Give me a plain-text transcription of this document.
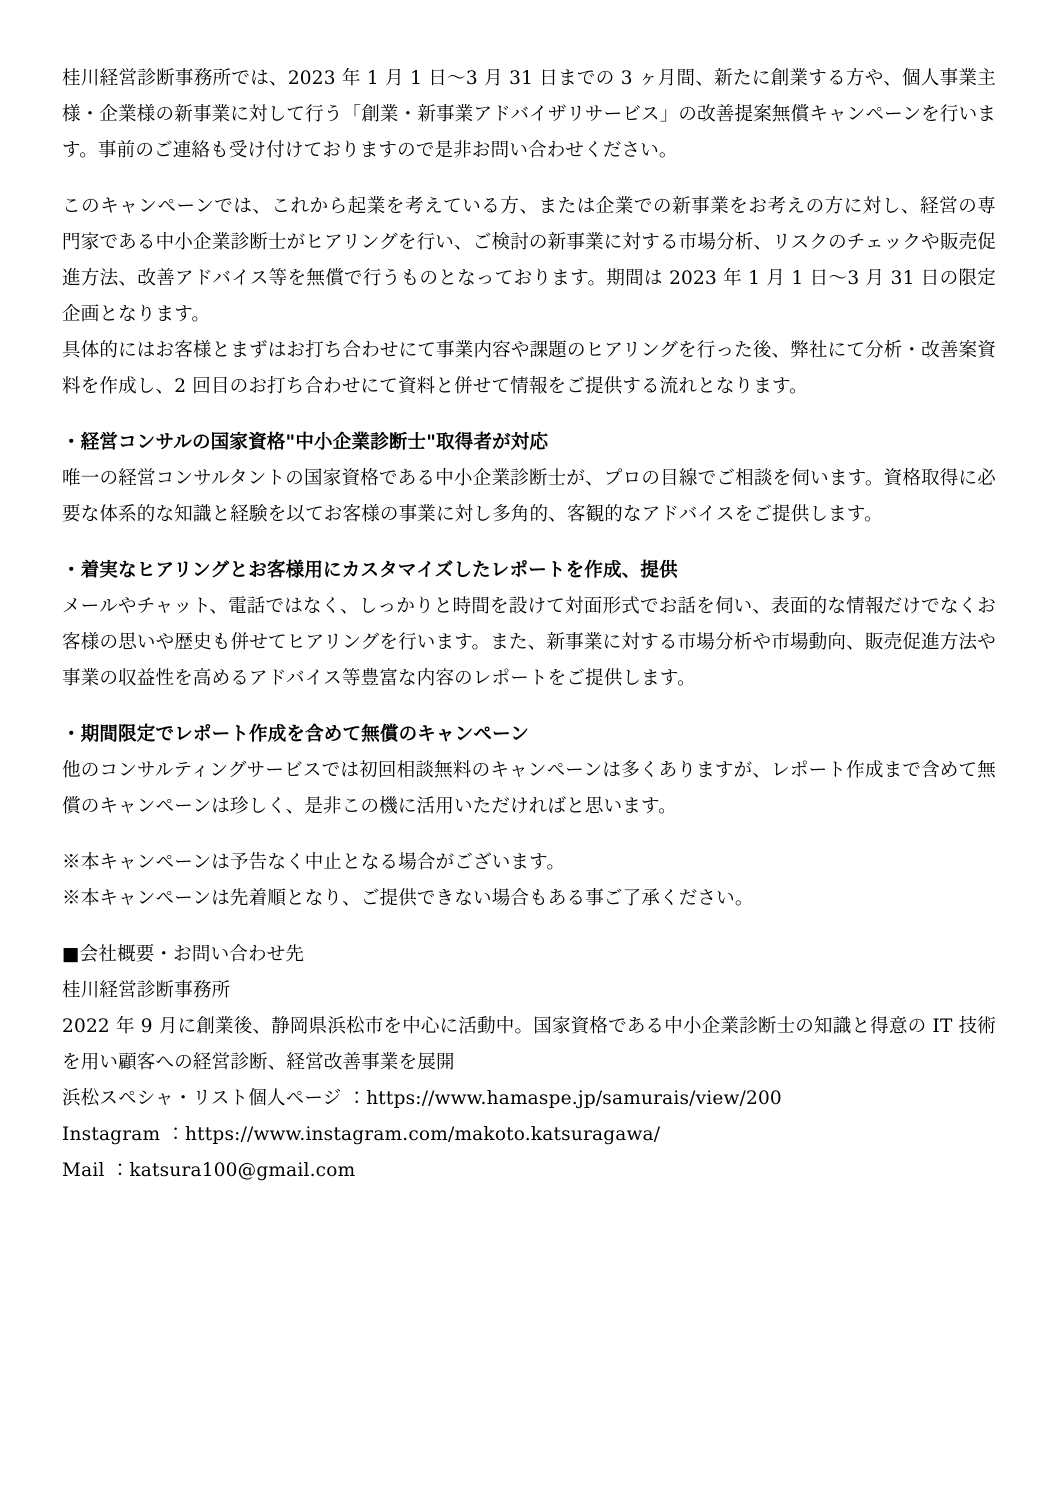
桂川経営診断事務所では、2023 年 1 月 1 日～3 月 31 日までの 3 ヶ月間、新たに創業する方や、個人事業主様・企業様の新事業に対して行う「創業・新事業アドバイザリサービス」の改善提案無償キャンペーンを行います。事前のご連絡も受け付けておりますので是非お問い合わせください。

このキャンペーンでは、これから起業を考えている方、または企業での新事業をお考えの方に対し、経営の専門家である中小企業診断士がヒアリングを行い、ご検討の新事業に対する市場分析、リスクのチェックや販売促進方法、改善アドバイス等を無償で行うものとなっております。期間は 2023 年 1 月 1 日～3 月 31 日の限定企画となります。

具体的にはお客様とまずはお打ち合わせにて事業内容や課題のヒアリングを行った後、弊社にて分析・改善案資料を作成し、2 回目のお打ち合わせにて資料と併せて情報をご提供する流れとなります。

・経営コンサルの国家資格"中小企業診断士"取得者が対応

唯一の経営コンサルタントの国家資格である中小企業診断士が、プロの目線でご相談を伺います。資格取得に必要な体系的な知識と経験を以てお客様の事業に対し多角的、客観的なアドバイスをご提供します。

・着実なヒアリングとお客様用にカスタマイズしたレポートを作成、提供

メールやチャット、電話ではなく、しっかりと時間を設けて対面形式でお話を伺い、表面的な情報だけでなくお客様の思いや歴史も併せてヒアリングを行います。また、新事業に対する市場分析や市場動向、販売促進方法や事業の収益性を高めるアドバイス等豊富な内容のレポートをご提供します。

・期間限定でレポート作成を含めて無償のキャンペーン

他のコンサルティングサービスでは初回相談無料のキャンペーンは多くありますが、レポート作成まで含めて無償のキャンペーンは珍しく、是非この機に活用いただければと思います。

※本キャンペーンは予告なく中止となる場合がございます。

※本キャンペーンは先着順となり、ご提供できない場合もある事ご了承ください。

■会社概要・お問い合わせ先

桂川経営診断事務所

2022 年 9 月に創業後、静岡県浜松市を中心に活動中。国家資格である中小企業診断士の知識と得意の IT 技術を用い顧客への経営診断、経営改善事業を展開

浜松スペシャ・リスト個人ページ ：https://www.hamaspe.jp/samurais/view/200

Instagram ：https://www.instagram.com/makoto.katsuragawa/

Mail ：katsura100@gmail.com
